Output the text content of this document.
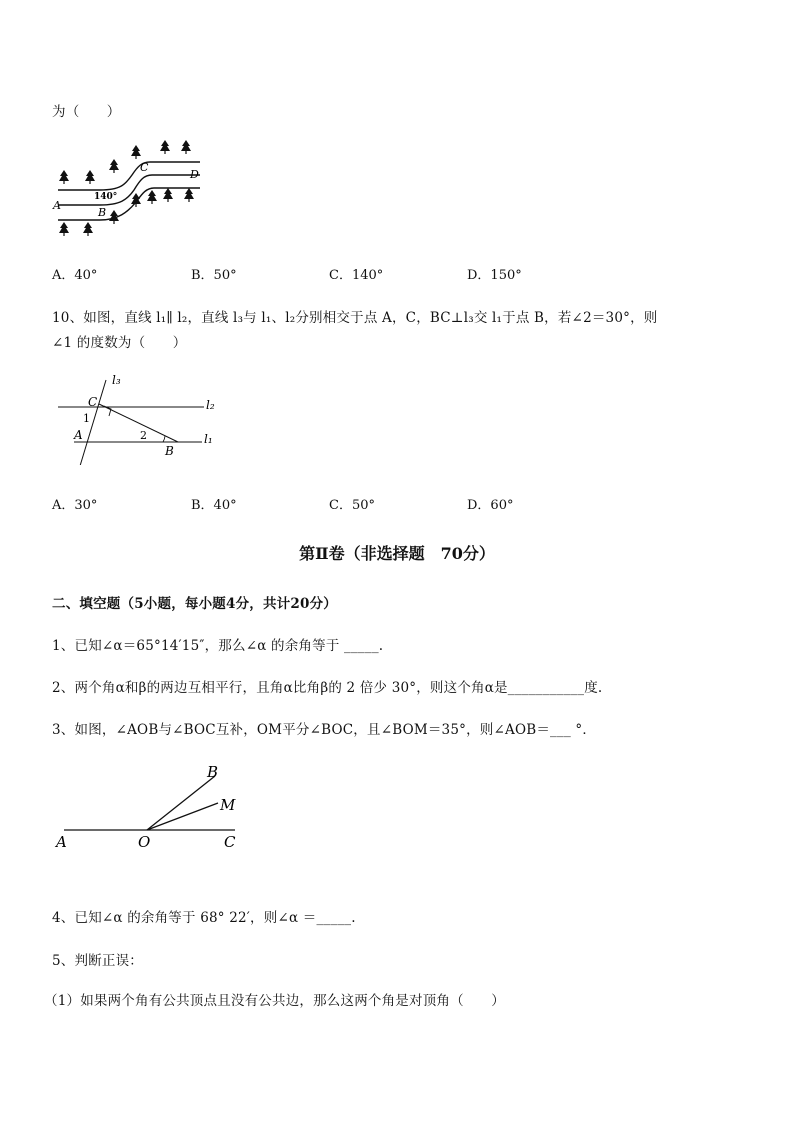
为（　　）
A
B
C
D
140°
A．40°	B．50°	C．140°	D．150°
10、如图，直线 l₁∥ l₂，直线 l₃与 l₁、l₂分别相交于点 A，C，BC⊥l₃交 l₁于点 B，若∠2＝30°，则
∠1 的度数为（　　）
l₃
l₂
l₁
C
A
B
1
2
A．30°	B．40°	C．50°	D．60°
第Ⅱ卷（非选择题　70分）
二、填空题（5小题，每小题4分，共计20分）
1、已知∠α＝65°14′15″，那么∠α 的余角等于 _____.
2、两个角α和β的两边互相平行，且角α比角β的 2 倍少 30°，则这个角α是___________度.
3、如图，∠AOB与∠BOC互补，OM平分∠BOC，且∠BOM＝35°，则∠AOB＝___ °．
A	O	C
B
M
4、已知∠α 的余角等于 68° 22′，则∠α ＝_____.
5、判断正误：
（1）如果两个角有公共顶点且没有公共边，那么这两个角是对顶角（　　）
